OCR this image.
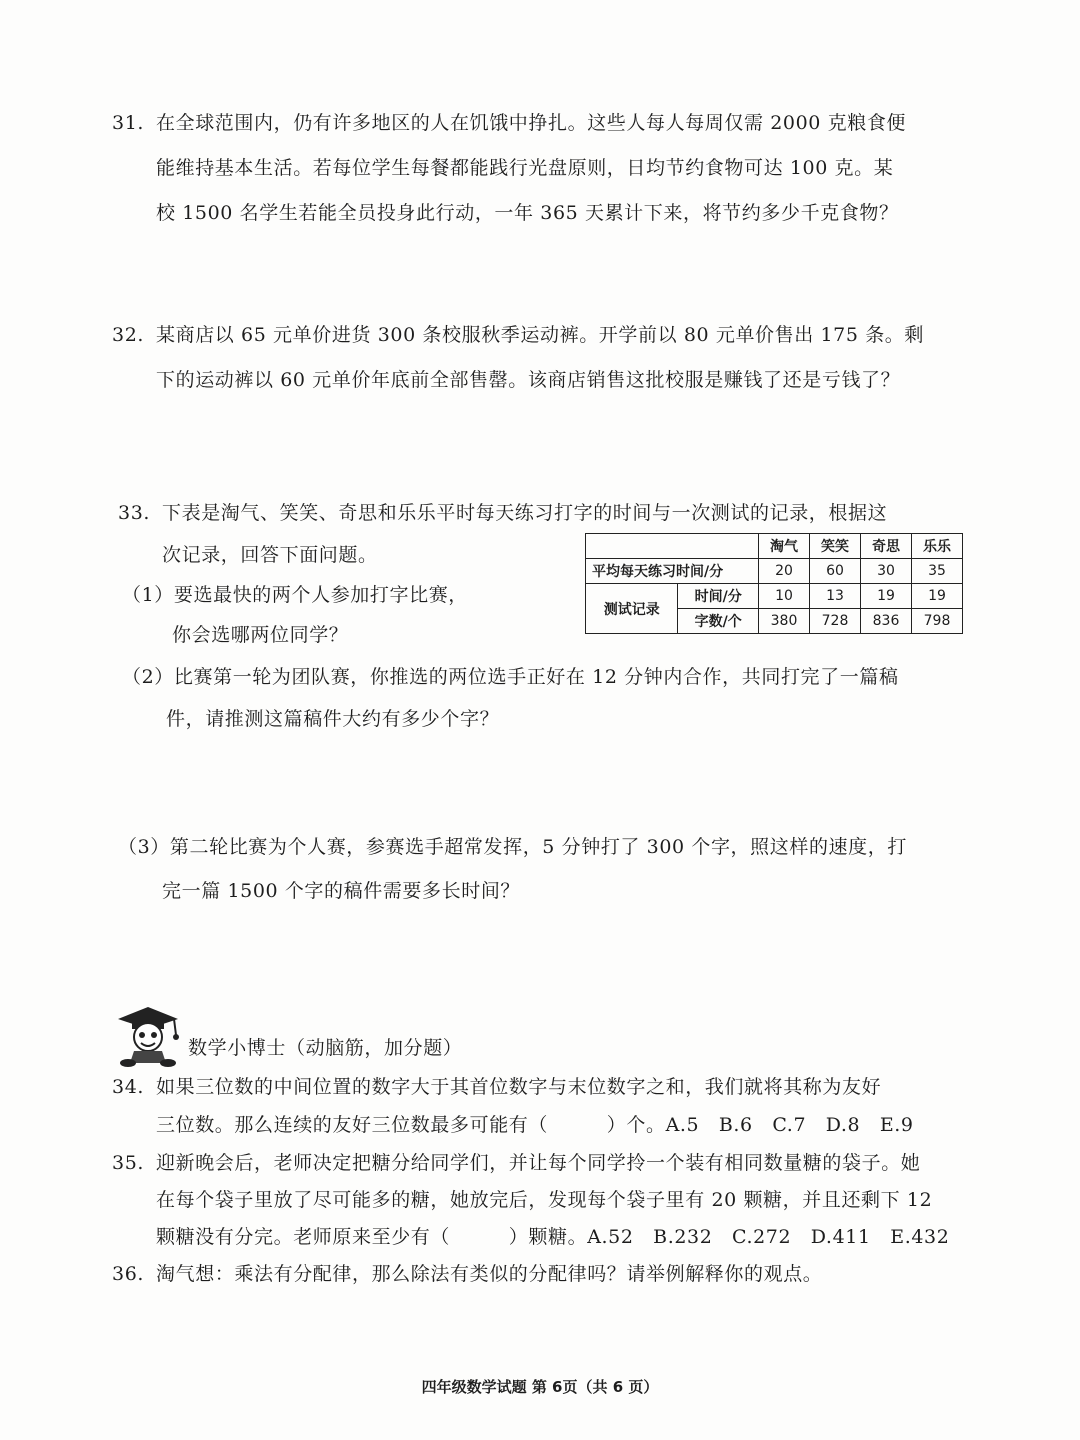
31. 在全球范围内，仍有许多地区的人在饥饿中挣扎。这些人每人每周仅需 2000 克粮食便
能维持基本生活。若每位学生每餐都能践行光盘原则，日均节约食物可达 100 克。某
校 1500 名学生若能全员投身此行动，一年 365 天累计下来，将节约多少千克食物？
32. 某商店以 65 元单价进货 300 条校服秋季运动裤。开学前以 80 元单价售出 175 条。剩
下的运动裤以 60 元单价年底前全部售罄。该商店销售这批校服是赚钱了还是亏钱了？
33. 下表是淘气、笑笑、奇思和乐乐平时每天练习打字的时间与一次测试的记录，根据这
次记录，回答下面问题。
（1）要选最快的两个人参加打字比赛，
你会选哪两位同学？
		淘气	笑笑	奇思	乐乐
平均每天练习时间/分		20	60	30	35
测试记录	时间/分	10	13	19	19
	字数/个	380	728	836	798
（2）比赛第一轮为团队赛，你推选的两位选手正好在 12 分钟内合作，共同打完了一篇稿
件，请推测这篇稿件大约有多少个字？
（3）第二轮比赛为个人赛，参赛选手超常发挥，5 分钟打了 300 个字，照这样的速度，打
完一篇 1500 个字的稿件需要多长时间？
数学小博士（动脑筋，加分题）
34. 如果三位数的中间位置的数字大于其首位数字与末位数字之和，我们就将其称为友好
三位数。那么连续的友好三位数最多可能有（　　　）个。A.5　B.6　C.7　D.8　E.9
35. 迎新晚会后，老师决定把糖分给同学们，并让每个同学拎一个装有相同数量糖的袋子。她
在每个袋子里放了尽可能多的糖，她放完后，发现每个袋子里有 20 颗糖，并且还剩下 12
颗糖没有分完。老师原来至少有（　　　）颗糖。A.52　B.232　C.272　D.411　E.432
36. 淘气想：乘法有分配律，那么除法有类似的分配律吗？请举例解释你的观点。
四年级数学试题 第 6页（共 6 页）
